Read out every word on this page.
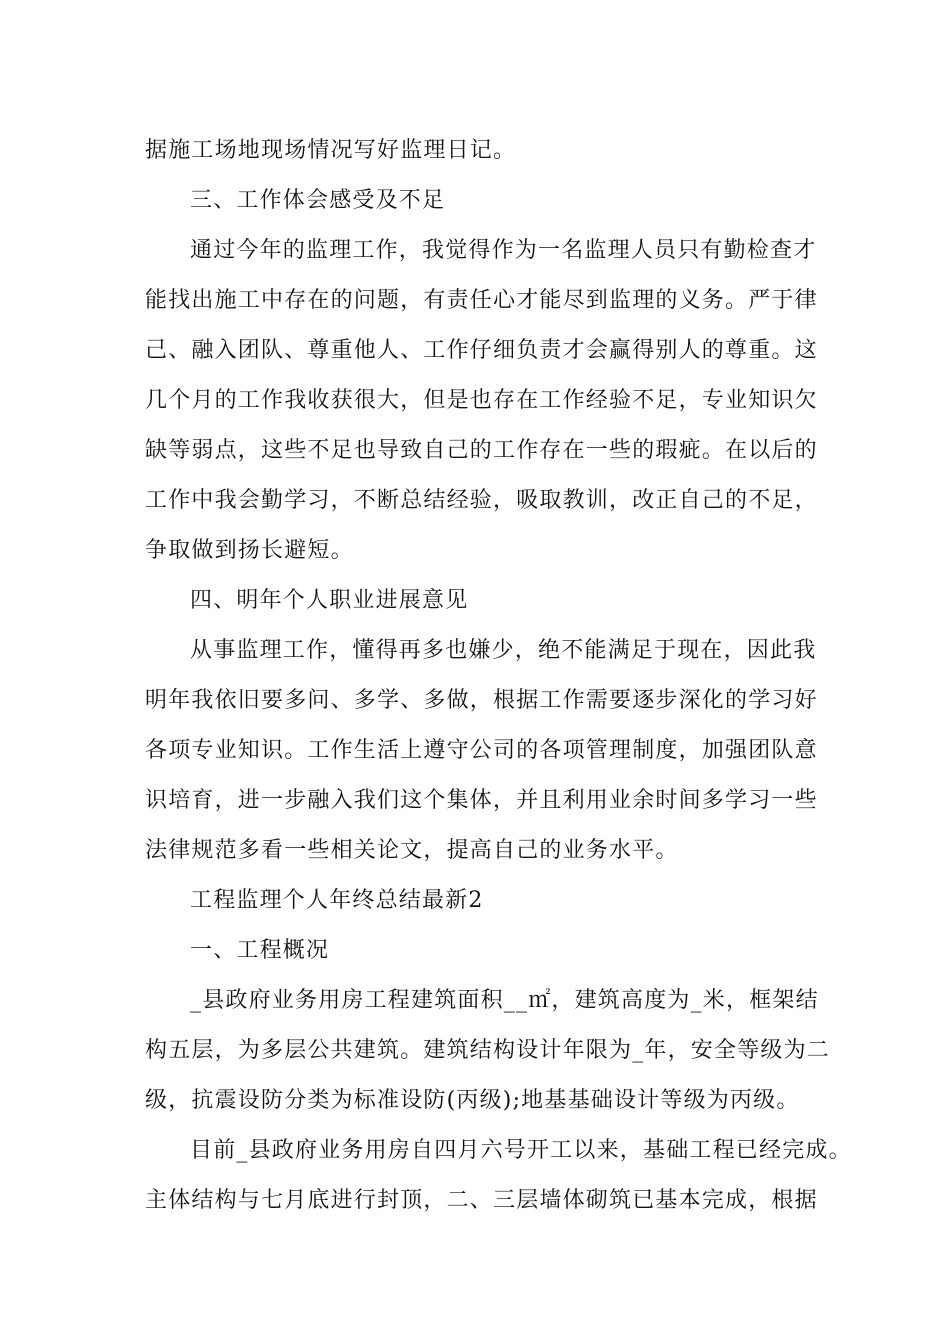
据施工场地现场情况写好监理日记。
三、工作体会感受及不足
通过今年的监理工作，我觉得作为一名监理人员只有勤检查才
能找出施工中存在的问题，有责任心才能尽到监理的义务。严于律
己、融入团队、尊重他人、工作仔细负责才会赢得别人的尊重。这
几个月的工作我收获很大，但是也存在工作经验不足，专业知识欠
缺等弱点，这些不足也导致自己的工作存在一些的瑕疵。在以后的
工作中我会勤学习，不断总结经验，吸取教训，改正自己的不足，
争取做到扬长避短。
四、明年个人职业进展意见
从事监理工作，懂得再多也嫌少，绝不能满足于现在，因此我
明年我依旧要多问、多学、多做，根据工作需要逐步深化的学习好
各项专业知识。工作生活上遵守公司的各项管理制度，加强团队意
识培育，进一步融入我们这个集体，并且利用业余时间多学习一些
法律规范多看一些相关论文，提高自己的业务水平。
工程监理个人年终总结最新2
一、工程概况
_县政府业务用房工程建筑面积__㎡，建筑高度为_米，框架结
构五层，为多层公共建筑。建筑结构设计年限为_年，安全等级为二
级，抗震设防分类为标准设防(丙级);地基基础设计等级为丙级。
目前_县政府业务用房自四月六号开工以来，基础工程已经完成。
主体结构与七月底进行封顶，二、三层墙体砌筑已基本完成，根据
